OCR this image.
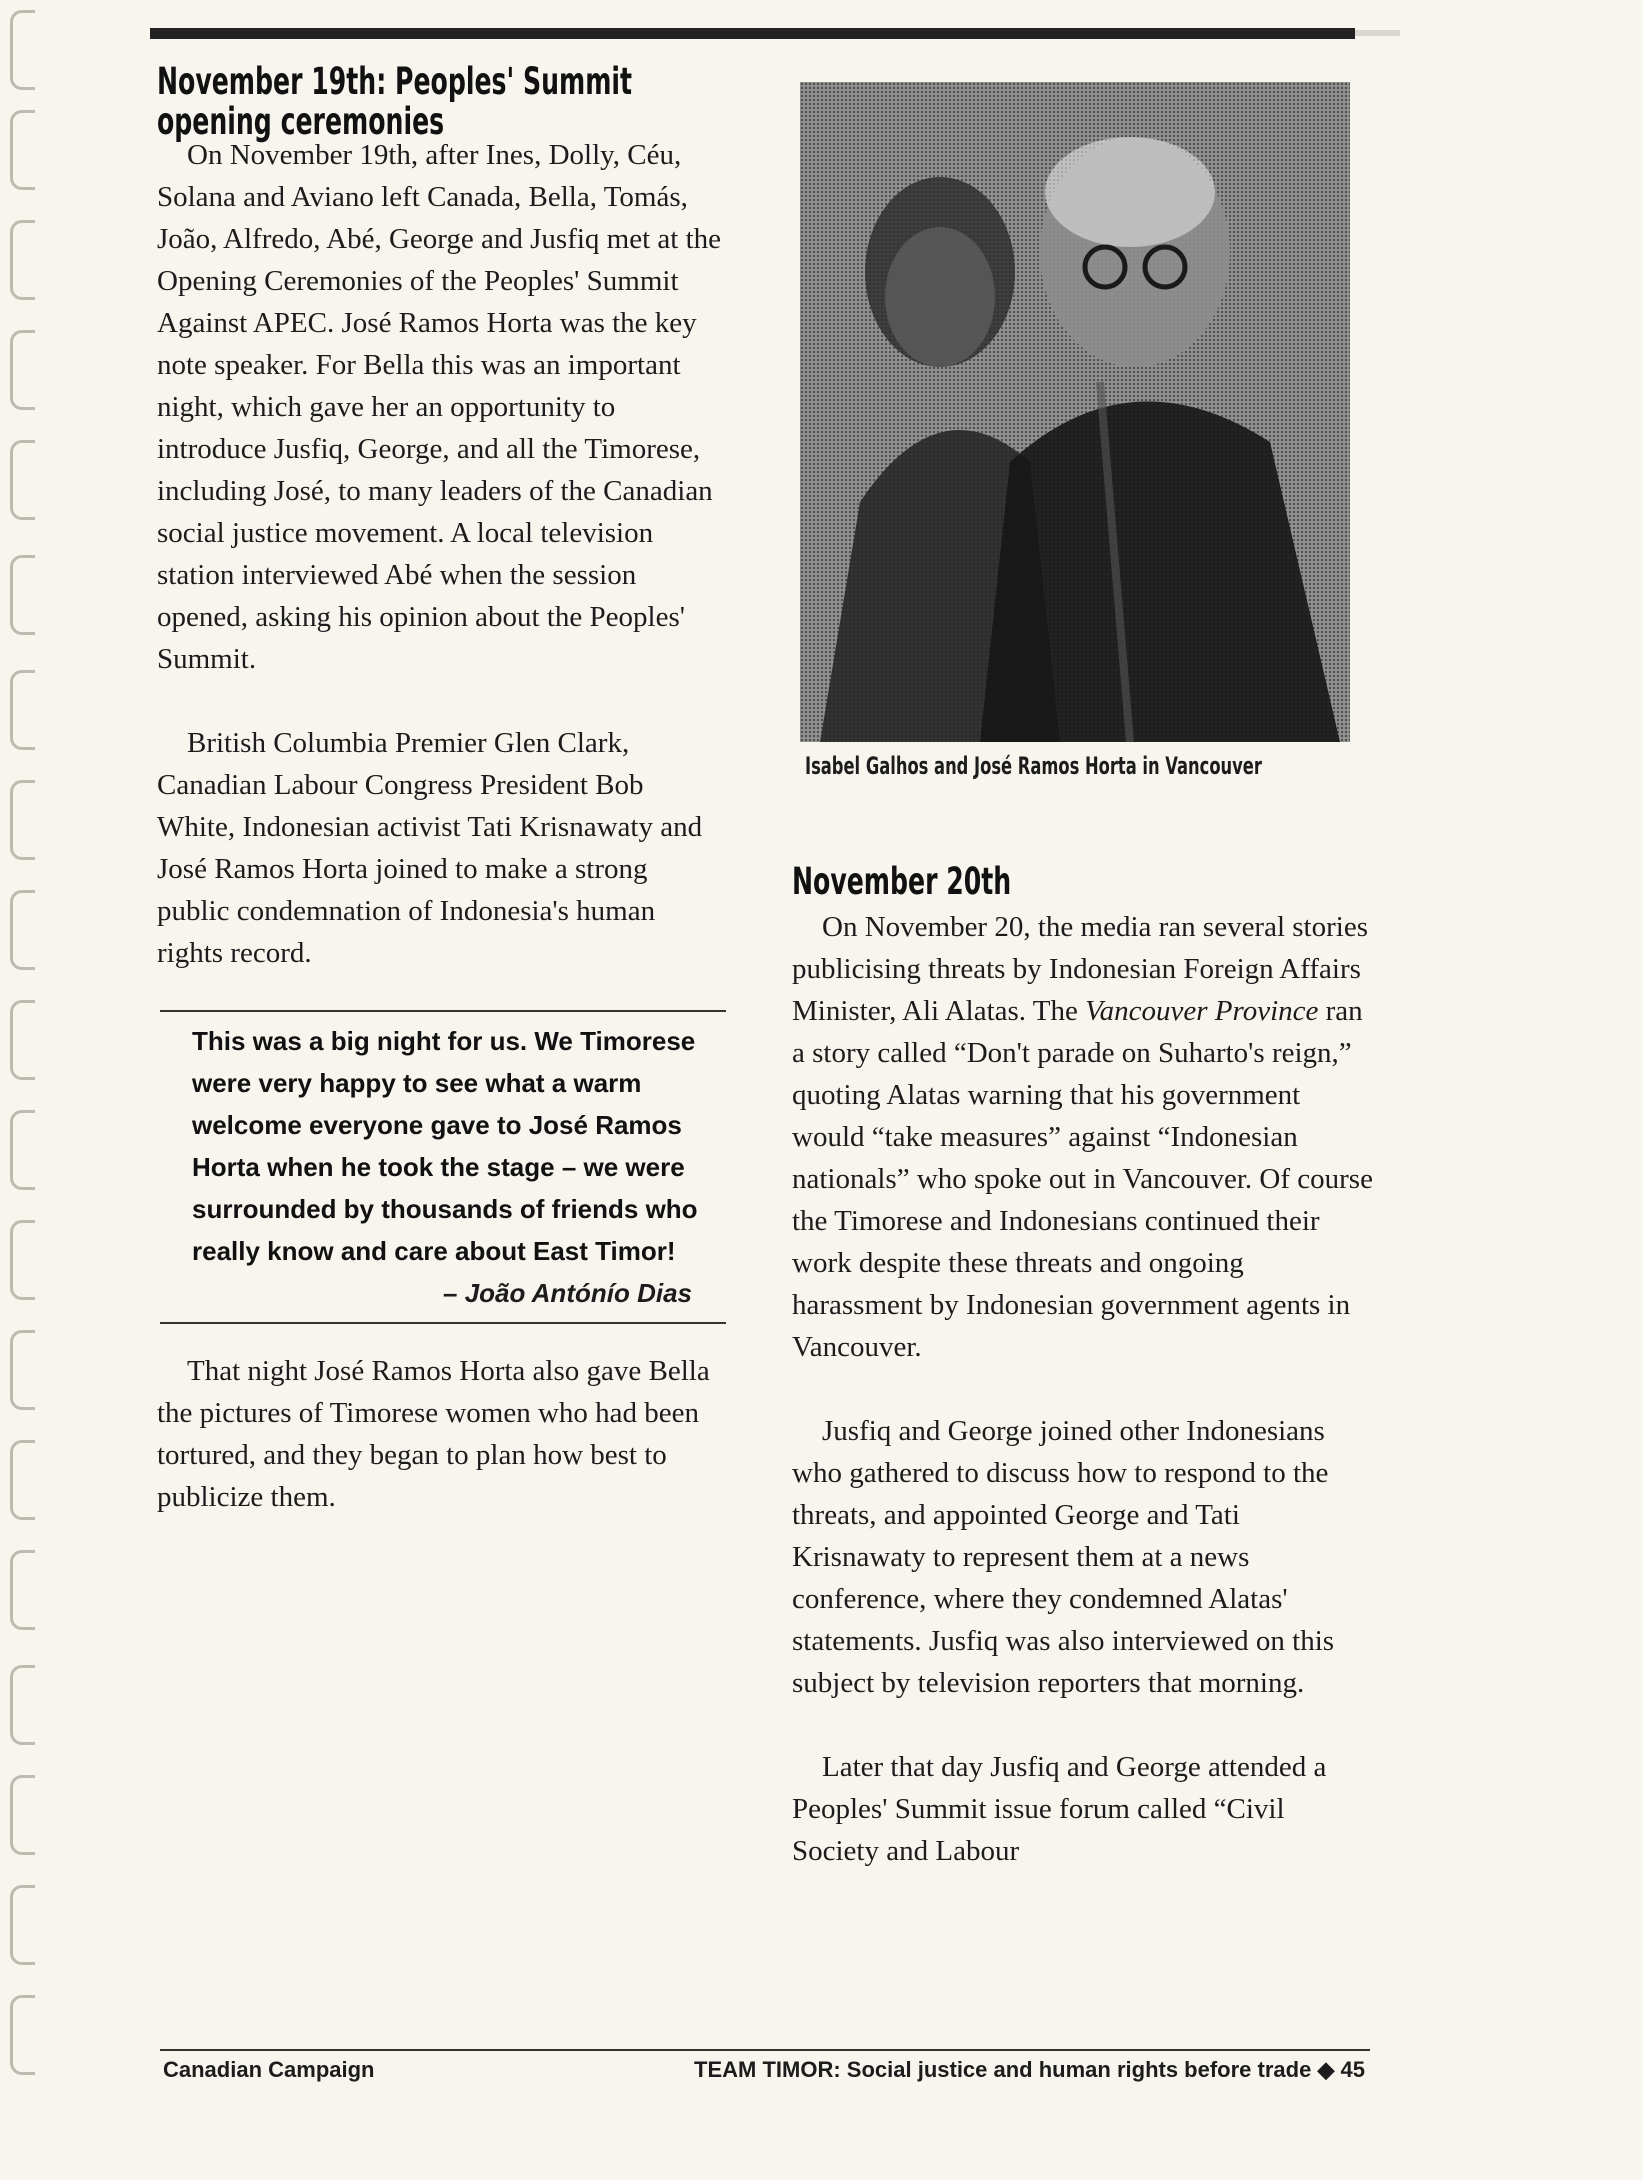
November 19th: Peoples' Summit opening ceremonies

On November 19th, after Ines, Dolly, Céu, Solana and Aviano left Canada, Bella, Tomás, João, Alfredo, Abé, George and Jusfiq met at the Opening Ceremonies of the Peoples' Summit Against APEC. José Ramos Horta was the key note speaker. For Bella this was an important night, which gave her an opportunity to introduce Jusfiq, George, and all the Timorese, including José, to many leaders of the Canadian social justice movement. A local television station interviewed Abé when the session opened, asking his opinion about the Peoples' Summit.

British Columbia Premier Glen Clark, Canadian Labour Congress President Bob White, Indonesian activist Tati Krisnawaty and José Ramos Horta joined to make a strong public condemnation of Indonesia's human rights record.

This was a big night for us. We Timorese were very happy to see what a warm welcome everyone gave to José Ramos Horta when he took the stage – we were surrounded by thousands of friends who really know and care about East Timor!
– João Antónío Dias

That night José Ramos Horta also gave Bella the pictures of Timorese women who had been tortured, and they began to plan how best to publicize them.

Isabel Galhos and José Ramos Horta in Vancouver
November 20th

On November 20, the media ran several stories publicising threats by Indonesian Foreign Affairs Minister, Ali Alatas. The Vancouver Province ran a story called “Don't parade on Suharto's reign,” quoting Alatas warning that his government would “take measures” against “Indonesian nationals” who spoke out in Vancouver. Of course the Timorese and Indonesians continued their work despite these threats and ongoing harassment by Indonesian government agents in Vancouver.

Jusfiq and George joined other Indonesians who gathered to discuss how to respond to the threats, and appointed George and Tati Krisnawaty to represent them at a news conference, where they condemned Alatas' statements. Jusfiq was also interviewed on this subject by television reporters that morning.

Later that day Jusfiq and George attended a Peoples' Summit issue forum called “Civil Society and Labour

Canadian Campaign	TEAM TIMOR: Social justice and human rights before trade ◆ 45
